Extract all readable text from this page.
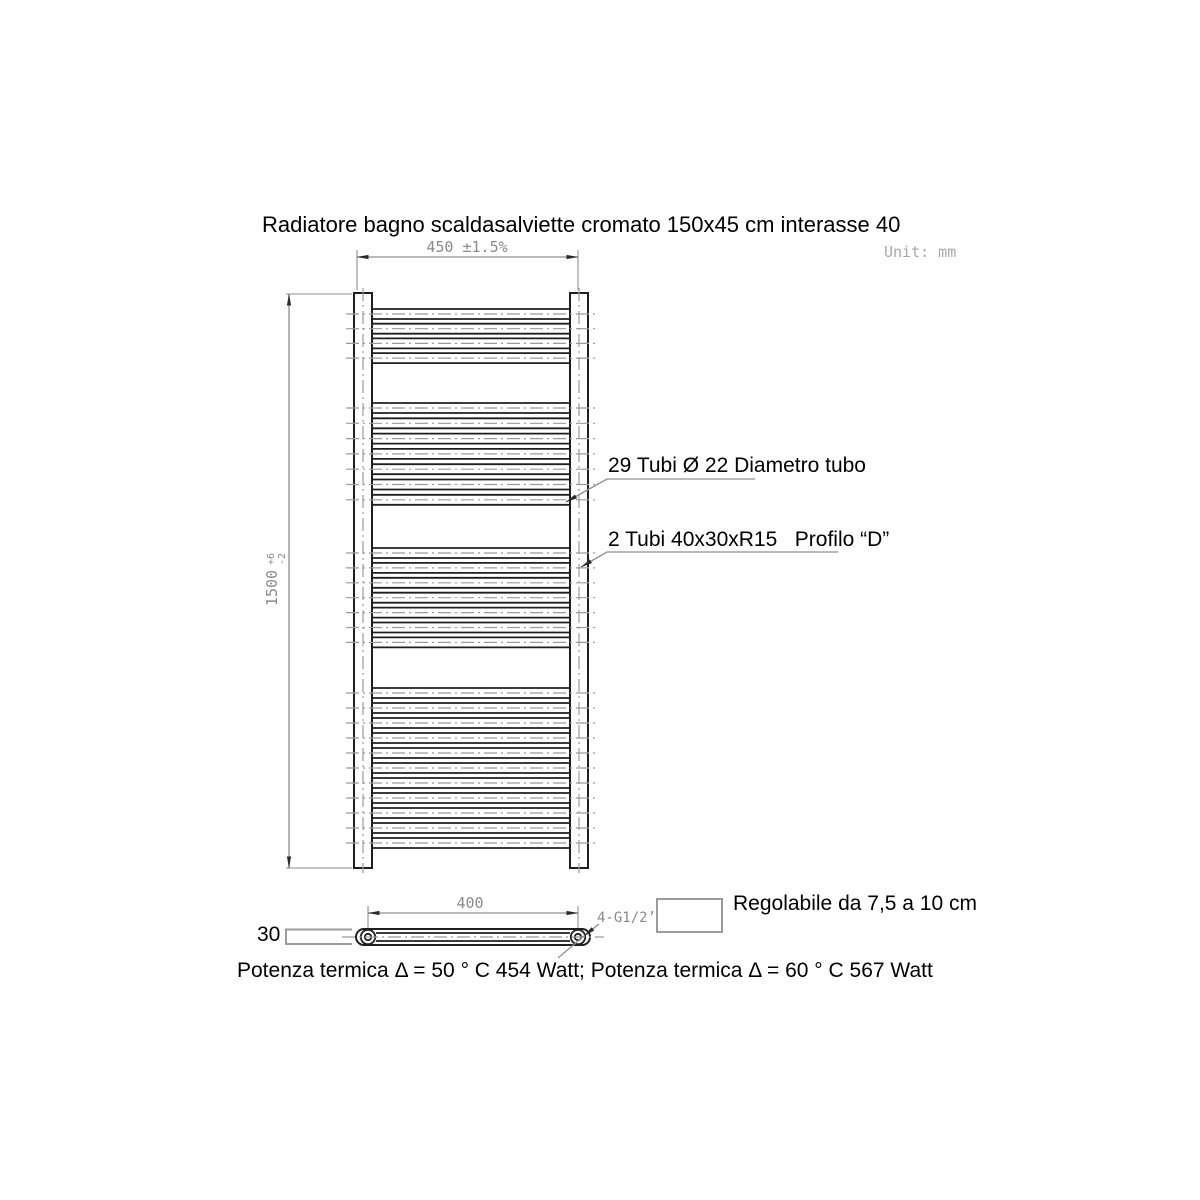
450 ±1.5%	Unit: mm
1500
+6 -2
400
4-G1/2’
Radiatore bagno scaldasalviette cromato 150x45 cm interasse 40
29 Tubi Ø 22 Diametro tubo
2 Tubi 40x30xR15   Profilo “D”
Regolabile da 7,5 a 10 cm
30
Potenza termica Δ = 50 ° C 454 Watt; Potenza termica Δ = 60 ° C 567 Watt
